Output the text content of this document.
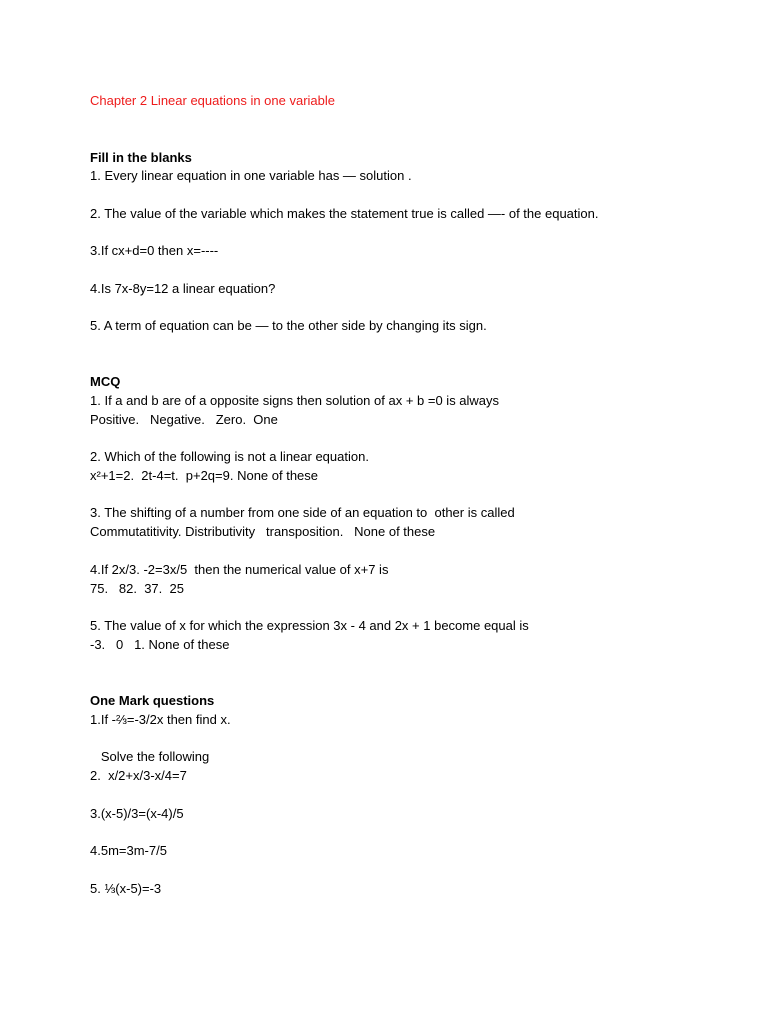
Chapter 2 Linear equations in one variable
Fill in the blanks
1. Every linear equation in one variable has — solution .
2. The value of the variable which makes the statement true is called —- of the equation.
3.If cx+d=0 then x=----
4.Is 7x-8y=12 a linear equation?
5. A term of equation can be — to the other side by changing its sign.
MCQ
1. If a and b are of a opposite signs then solution of ax + b =0 is always
Positive.   Negative.   Zero.  One
2. Which of the following is not a linear equation.
x²+1=2.  2t-4=t.  p+2q=9. None of these
3. The shifting of a number from one side of an equation to  other is called
Commutatitivity. Distributivity   transposition.   None of these
4.If 2x/3. -2=3x/5  then the numerical value of x+7 is
75.   82.  37.  25
5. The value of x for which the expression 3x - 4 and 2x + 1 become equal is
-3.   0   1. None of these
One Mark questions
1.If -⅔=-3/2x then find x.
Solve the following
2.  x/2+x/3-x/4=7
3.(x-5)/3=(x-4)/5
4.5m=3m-7/5
5. ⅓(x-5)=-3
